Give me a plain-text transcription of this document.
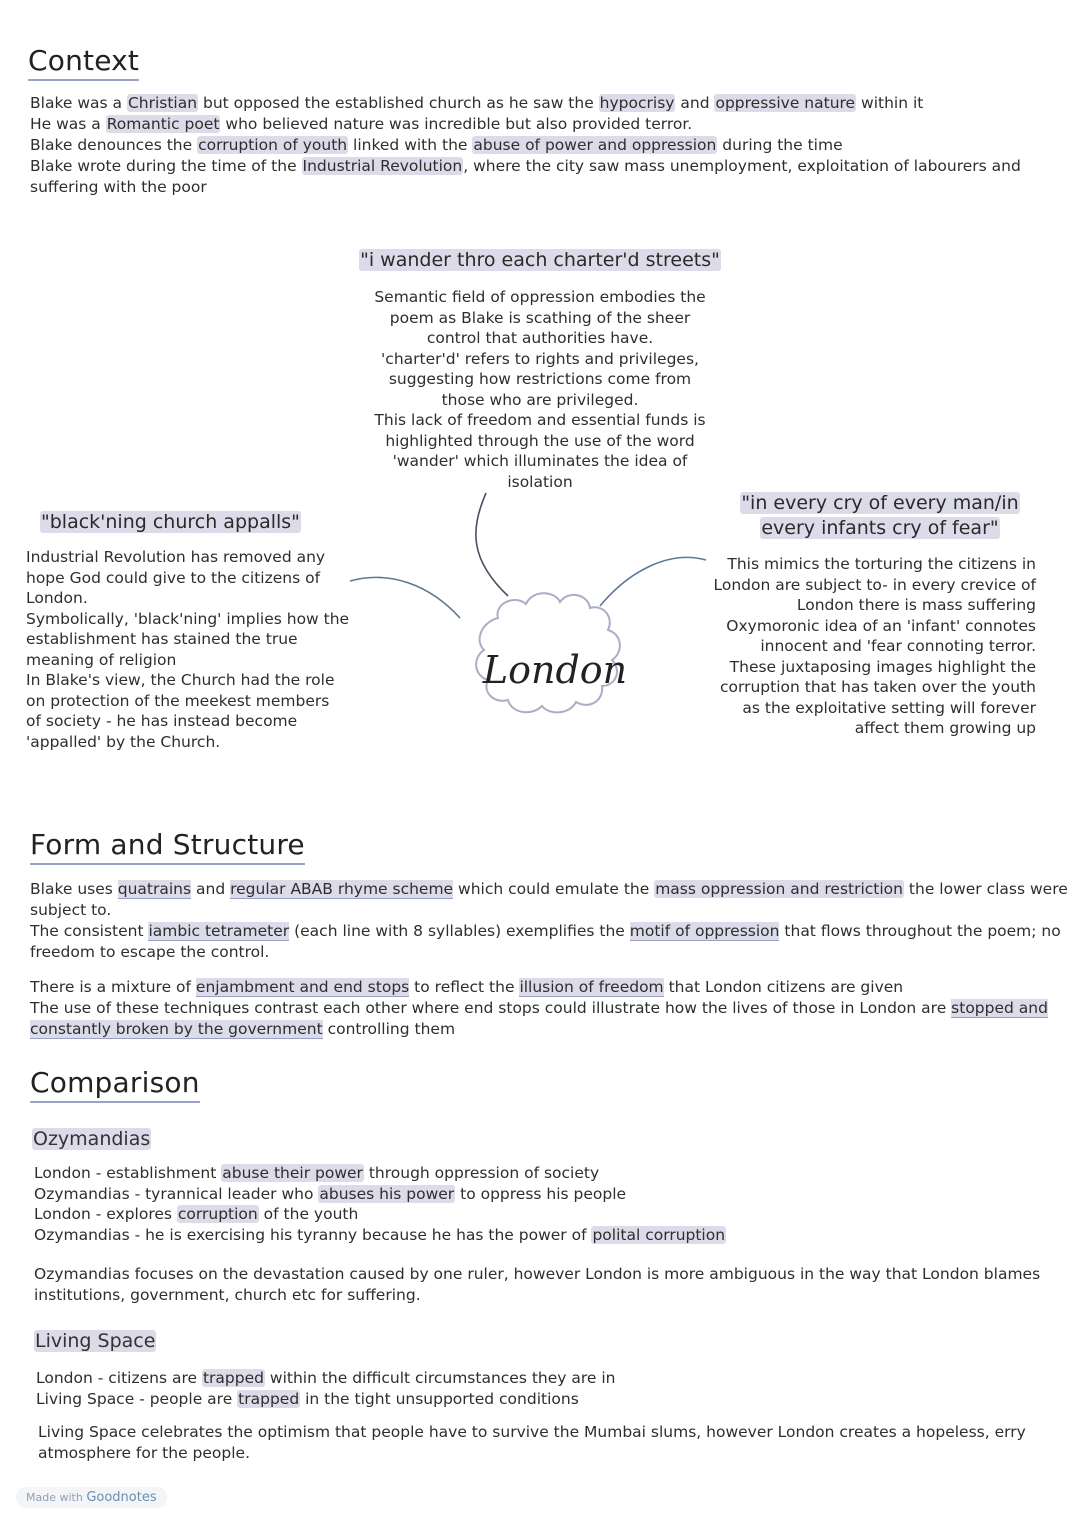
Context
Blake was a Christian but opposed the established church as he saw the hypocrisy and oppressive nature within it
He was a Romantic poet who believed nature was incredible but also provided terror.
Blake denounces the corruption of youth linked with the abuse of power and oppression during the time
Blake wrote during the time of the Industrial Revolution, where the city saw mass unemployment, exploitation of labourers and
suffering with the poor
"i wander thro each charter'd streets"
Semantic field of oppression embodies the
poem as Blake is scathing of the sheer
control that authorities have.
'charter'd' refers to rights and privileges,
suggesting how restrictions come from
those who are privileged.
This lack of freedom and essential funds is
highlighted through the use of the word
'wander' which illuminates the idea of
isolation
"black'ning church appalls"
Industrial Revolution has removed any
hope God could give to the citizens of
London.
Symbolically, 'black'ning' implies how the
establishment has stained the true
meaning of religion
In Blake's view, the Church had the role
on protection of the meekest members
of society - he has instead become
'appalled' by the Church.
London
"in every cry of every man/in
every infants cry of fear"
This mimics the torturing the citizens in
London are subject to- in every crevice of
London there is mass suffering
Oxymoronic idea of an 'infant' connotes
innocent and 'fear connoting terror.
These juxtaposing images highlight the
corruption that has taken over the youth
as the exploitative setting will forever
affect them growing up
Form and Structure
Blake uses quatrains and regular ABAB rhyme scheme which could emulate the mass oppression and restriction the lower class were
subject to.
The consistent iambic tetrameter (each line with 8 syllables) exemplifies the motif of oppression that flows throughout the poem; no
freedom to escape the control.
There is a mixture of enjambment and end stops to reflect the illusion of freedom that London citizens are given
The use of these techniques contrast each other where end stops could illustrate how the lives of those in London are stopped and
constantly broken by the government controlling them
Comparison
Ozymandias
London - establishment abuse their power through oppression of society
Ozymandias - tyrannical leader who abuses his power to oppress his people
London - explores corruption of the youth
Ozymandias - he is exercising his tyranny because he has the power of polital corruption
Ozymandias focuses on the devastation caused by one ruler, however London is more ambiguous in the way that London blames
institutions, government, church etc for suffering.
Living Space
London - citizens are trapped within the difficult circumstances they are in
Living Space - people are trapped in the tight unsupported conditions
Living Space celebrates the optimism that people have to survive the Mumbai slums, however London creates a hopeless, erry
atmosphere for the people.
Made with Goodnotes
